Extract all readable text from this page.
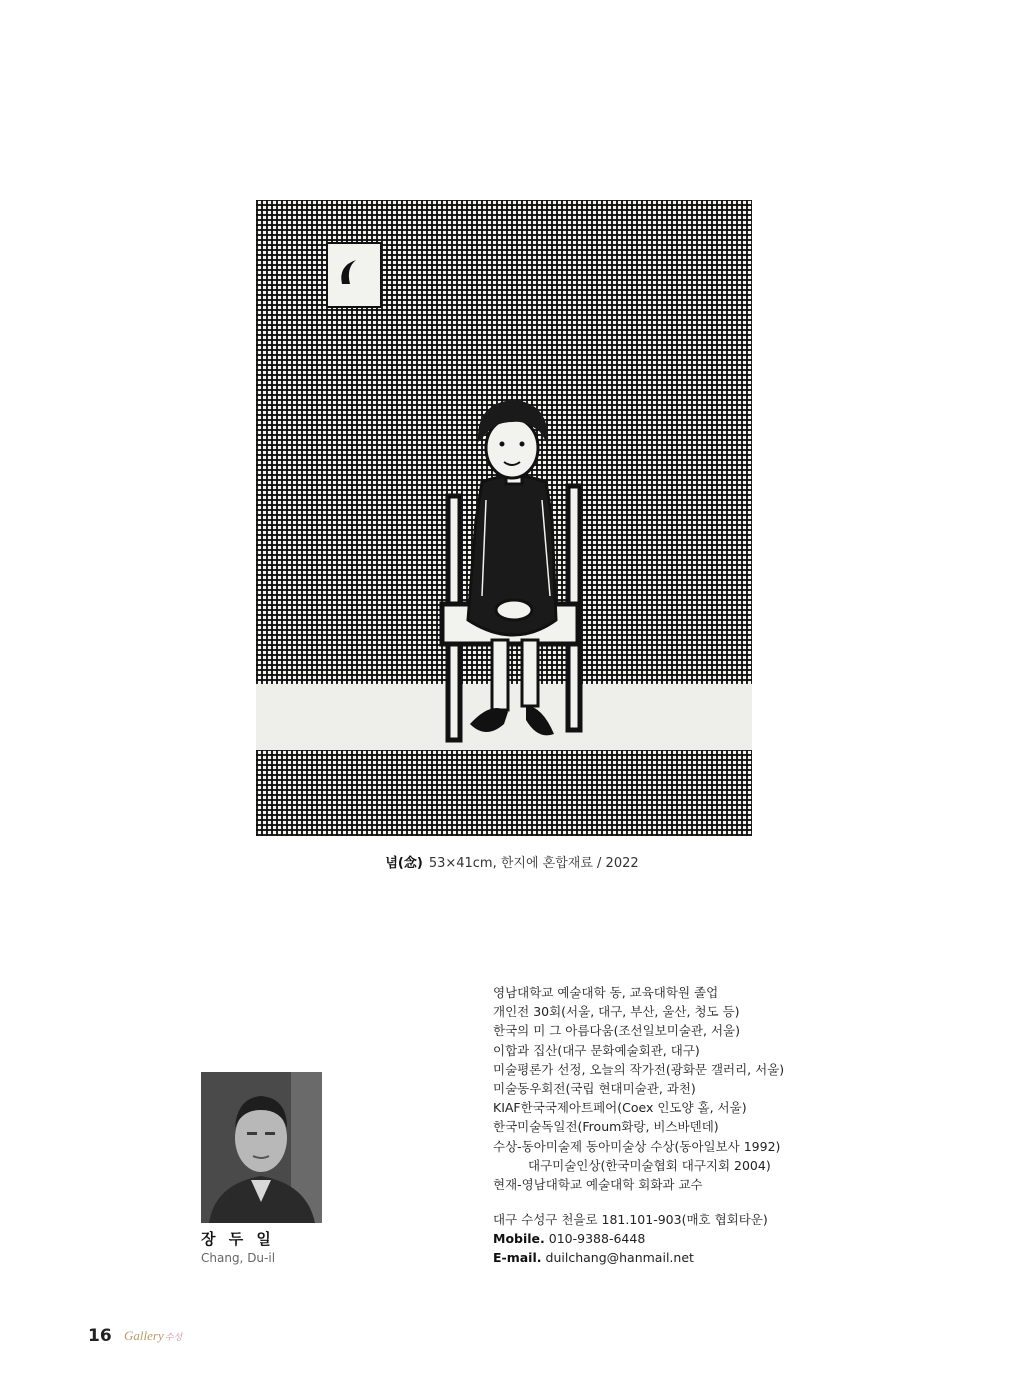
념(念) 53×41cm, 한지에 혼합재료 / 2022
장 두 일
Chang, Du-il
영남대학교 예술대학 동, 교육대학원 졸업
개인전 30회(서울, 대구, 부산, 울산, 청도 등)
한국의 미 그 아름다움(조선일보미술관, 서울)
이합과 집산(대구 문화예술회관, 대구)
미술평론가 선정, 오늘의 작가전(광화문 갤러리, 서울)
미술동우회전(국립 현대미술관, 과천)
KIAF한국국제아트페어(Coex 인도양 홀, 서울)
한국미술독일전(Froum화랑, 비스바덴데)
수상-동아미술제 동아미술상 수상(동아일보사 1992)
대구미술인상(한국미술협회 대구지회 2004)
현재-영남대학교 예술대학 회화과 교수
대구 수성구 천을로 181.101-903(매호 협회타운)
Mobile. 010-9388-6448
E-mail. duilchang@hanmail.net
16 Gallery수성
